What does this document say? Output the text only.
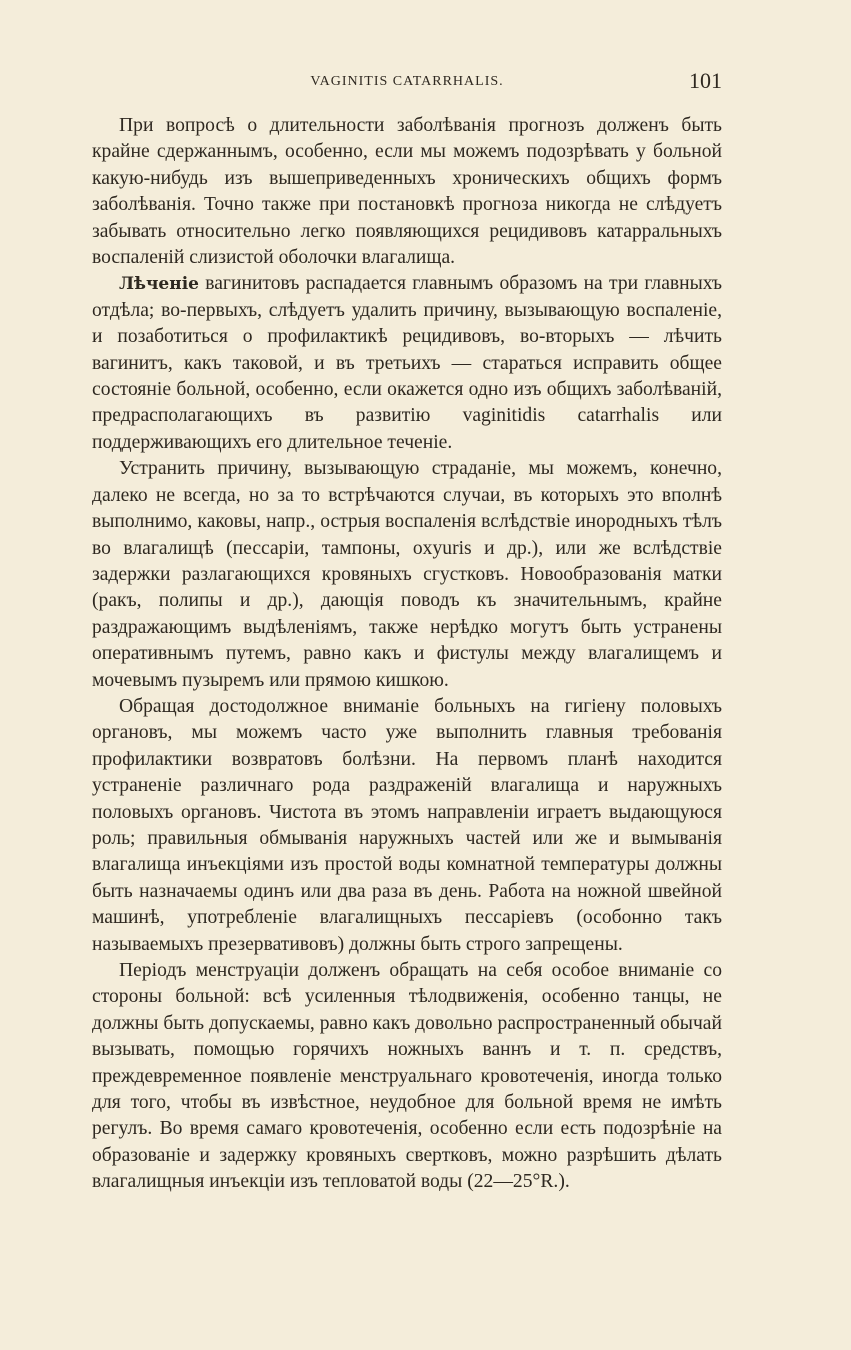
VAGINITIS CATARRHALIS.	101

При вопросѣ о длительности заболѣванія прогнозъ долженъ быть крайне сдержаннымъ, особенно, если мы можемъ подозрѣвать у больной какую-нибудь изъ вышеприведенныхъ хроническихъ общихъ формъ заболѣванія. Точно также при постановкѣ прогноза никогда не слѣдуетъ забывать относительно легко появляющихся рецидивовъ катарральныхъ воспаленій слизистой оболочки влагалища.

Лѣченіе вагинитовъ распадается главнымъ образомъ на три главныхъ отдѣла; во-первыхъ, слѣдуетъ удалить причину, вызывающую воспаленіе, и позаботиться о профилактикѣ рецидивовъ, во-вторыхъ — лѣчить вагинитъ, какъ таковой, и въ третьихъ — стараться исправить общее состояніе больной, особенно, если окажется одно изъ общихъ заболѣваній, предрасполагающихъ въ развитію vaginitidis catarrhalis или поддерживающихъ его длительное теченіе.

Устранить причину, вызывающую страданіе, мы можемъ, конечно, далеко не всегда, но за то встрѣчаются случаи, въ которыхъ это вполнѣ выполнимо, каковы, напр., острыя воспаленія вслѣдствіе инородныхъ тѣлъ во влагалищѣ (пессаріи, тампоны, oxyuris и др.), или же вслѣдствіе задержки разлагающихся кровяныхъ сгустковъ. Новообразованія матки (ракъ, полипы и др.), дающія поводъ къ значительнымъ, крайне раздражающимъ выдѣленіямъ, также нерѣдко могутъ быть устранены оперативнымъ путемъ, равно какъ и фистулы между влагалищемъ и мочевымъ пузыремъ или прямою кишкою.

Обращая достодолжное вниманіе больныхъ на гигіену половыхъ органовъ, мы можемъ часто уже выполнить главныя требованія профилактики возвратовъ болѣзни. На первомъ планѣ находится устраненіе различнаго рода раздраженій влагалища и наружныхъ половыхъ органовъ. Чистота въ этомъ направленіи играетъ выдающуюся роль; правильныя обмыванія наружныхъ частей или же и вымыванія влагалища инъекціями изъ простой воды комнатной температуры должны быть назначаемы одинъ или два раза въ день. Работа на ножной швейной машинѣ, употребленіе влагалищныхъ пессаріевъ (особонно такъ называемыхъ презервативовъ) должны быть строго запрещены.

Періодъ менструаціи долженъ обращать на себя особое вниманіе со стороны больной: всѣ усиленныя тѣлодвиженія, особенно танцы, не должны быть допускаемы, равно какъ довольно распространенный обычай вызывать, помощью горячихъ ножныхъ ваннъ и т. п. средствъ, преждевременное появленіе менструальнаго кровотеченія, иногда только для того, чтобы въ извѣстное, неудобное для больной время не имѣть регулъ. Во время самаго кровотеченія, особенно если есть подозрѣніе на образованіе и задержку кровяныхъ свертковъ, можно разрѣшить дѣлать влагалищныя инъекціи изъ тепловатой воды (22—25°R.).
